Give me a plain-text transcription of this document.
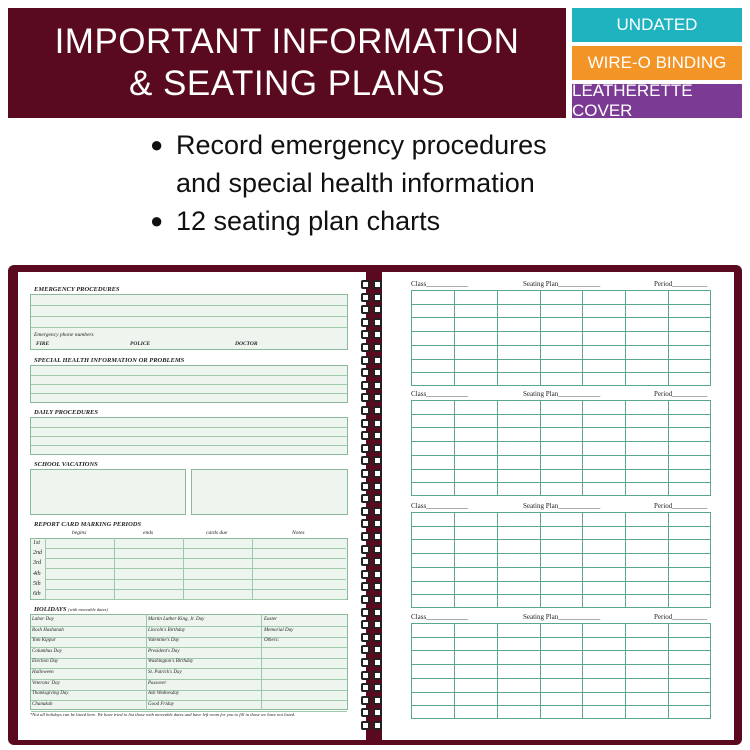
IMPORTANT INFORMATION
& SEATING PLANS
UNDATED
WIRE-O BINDING
LEATHERETTE COVER
● Record emergency procedures
and special health information
● 12 seating plan charts
EMERGENCY PROCEDURES
Emergency phone numbers
FIRE	POLICE	DOCTOR
SPECIAL HEALTH INFORMATION OR PROBLEMS
DAILY PROCEDURES
SCHOOL VACATIONS
REPORT CARD MARKING PERIODS
begins	ends	cards due	Notes
1st
2nd
3rd
4th
5th
6th
HOLIDAYS (with moveable dates)
Labor Day	Martin Luther King, Jr. Day	Easter
Rosh Hashanah	Lincoln's Birthday	Memorial Day
Yom Kippur	Valentine's Day	Others:
Columbus Day	President's Day
Election Day	Washington's Birthday
Halloween	St. Patrick's Day
Veterans' Day	Passover
Thanksgiving Day	Ash Wednesday
Chanukah	Good Friday
*Not all holidays can be listed here. We have tried to list those with moveable dates and have left room for you to fill in those we have not listed.
Class____________	Seating Plan____________	Period__________
Class____________	Seating Plan____________	Period__________
Class____________	Seating Plan____________	Period__________
Class____________	Seating Plan____________	Period__________
